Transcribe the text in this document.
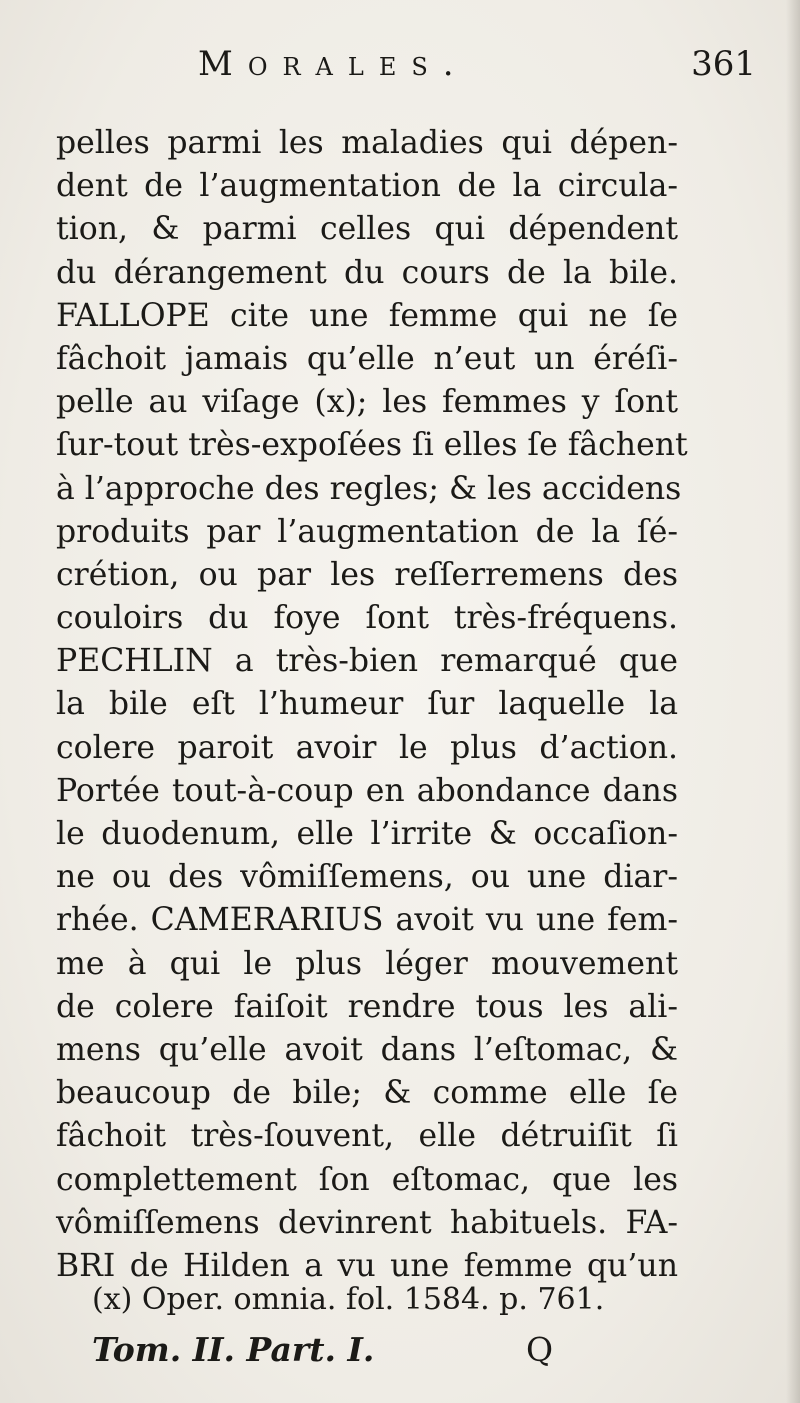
Morales.	361
pelles parmi les maladies qui dépen-
dent de l’augmentation de la circula-
tion, & parmi celles qui dépendent
du dérangement du cours de la bile.
FALLOPE cite une femme qui ne ſe
fâchoit jamais qu’elle n’eut un éréſi-
pelle au viſage (x); les femmes y ſont
ſur-tout très-expoſées ſi elles ſe fâchent
à l’approche des regles; & les accidens
produits par l’augmentation de la ſé-
crétion, ou par les reſſerremens des
couloirs du foye ſont très-fréquens.
PECHLIN a très-bien remarqué que
la bile eſt l’humeur ſur laquelle la
colere paroit avoir le plus d’action.
Portée tout-à-coup en abondance dans
le duodenum, elle l’irrite & occaſion-
ne ou des vômiſſemens, ou une diar-
rhée. CAMERARIUS avoit vu une fem-
me à qui le plus léger mouvement
de colere faiſoit rendre tous les ali-
mens qu’elle avoit dans l’eſtomac, &
beaucoup de bile; & comme elle ſe
fâchoit très-ſouvent, elle détruiſit ſi
complettement ſon eſtomac, que les
vômiſſemens devinrent habituels. FA-
BRI de Hilden a vu une femme qu’un
(x) Oper. omnia. fol. 1584. p. 761.
Tom. II. Part. I.	Q
